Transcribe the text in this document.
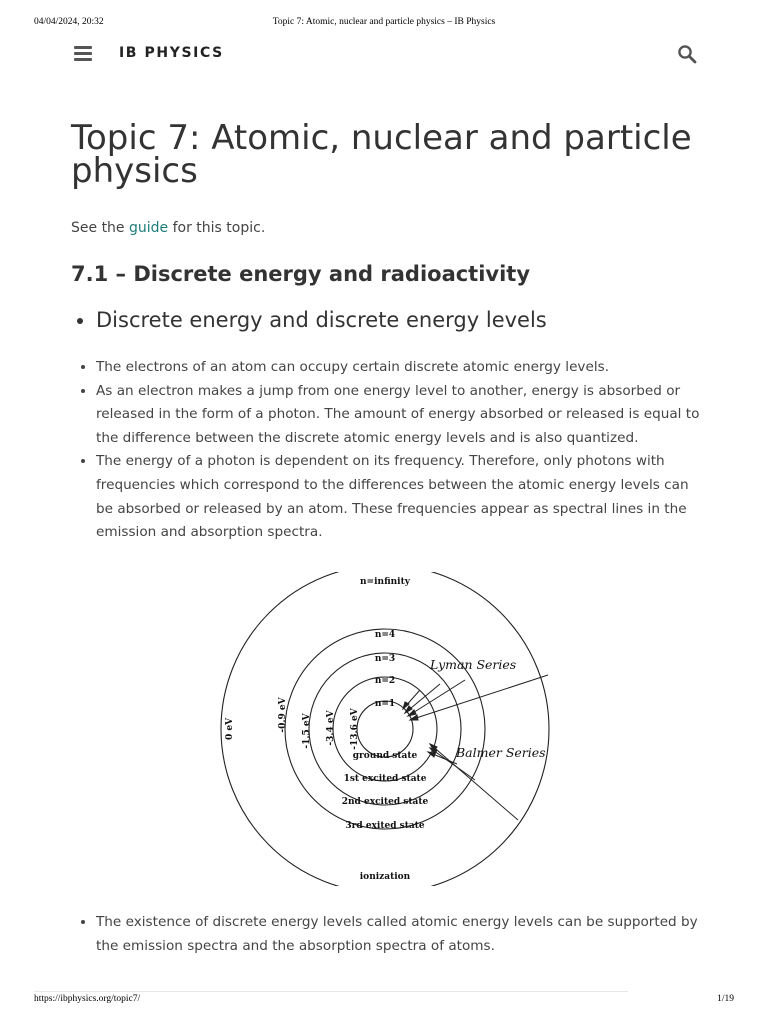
04/04/2024, 20:32	Topic 7: Atomic, nuclear and particle physics – IB Physics
IB PHYSICS
Topic 7: Atomic, nuclear and particle physics

See the guide for this topic.

7.1 – Discrete energy and radioactivity
• Discrete energy and discrete energy levels
• The electrons of an atom can occupy certain discrete atomic energy levels.
• As an electron makes a jump from one energy level to another, energy is absorbed or released in the form of a photon. The amount of energy absorbed or released is equal to the difference between the discrete atomic energy levels and is also quantized.
• The energy of a photon is dependent on its frequency. Therefore, only photons with frequencies which correspond to the differences between the atomic energy levels can be absorbed or released by an atom. These frequencies appear as spectral lines in the emission and absorption spectra.
• The existence of discrete energy levels called atomic energy levels can be supported by the emission spectra and the absorption spectra of atoms.
n=infinity
n=4
n=3
n=2
n=1
0 eV	-0.9 eV -1.5 eV -3.4 eV -13.6 eV
ground state
1st excited state
2nd excited state
3rd exited state
ionization
Lyman Series
Balmer Series
https://ibphysics.org/topic7/	1/19
